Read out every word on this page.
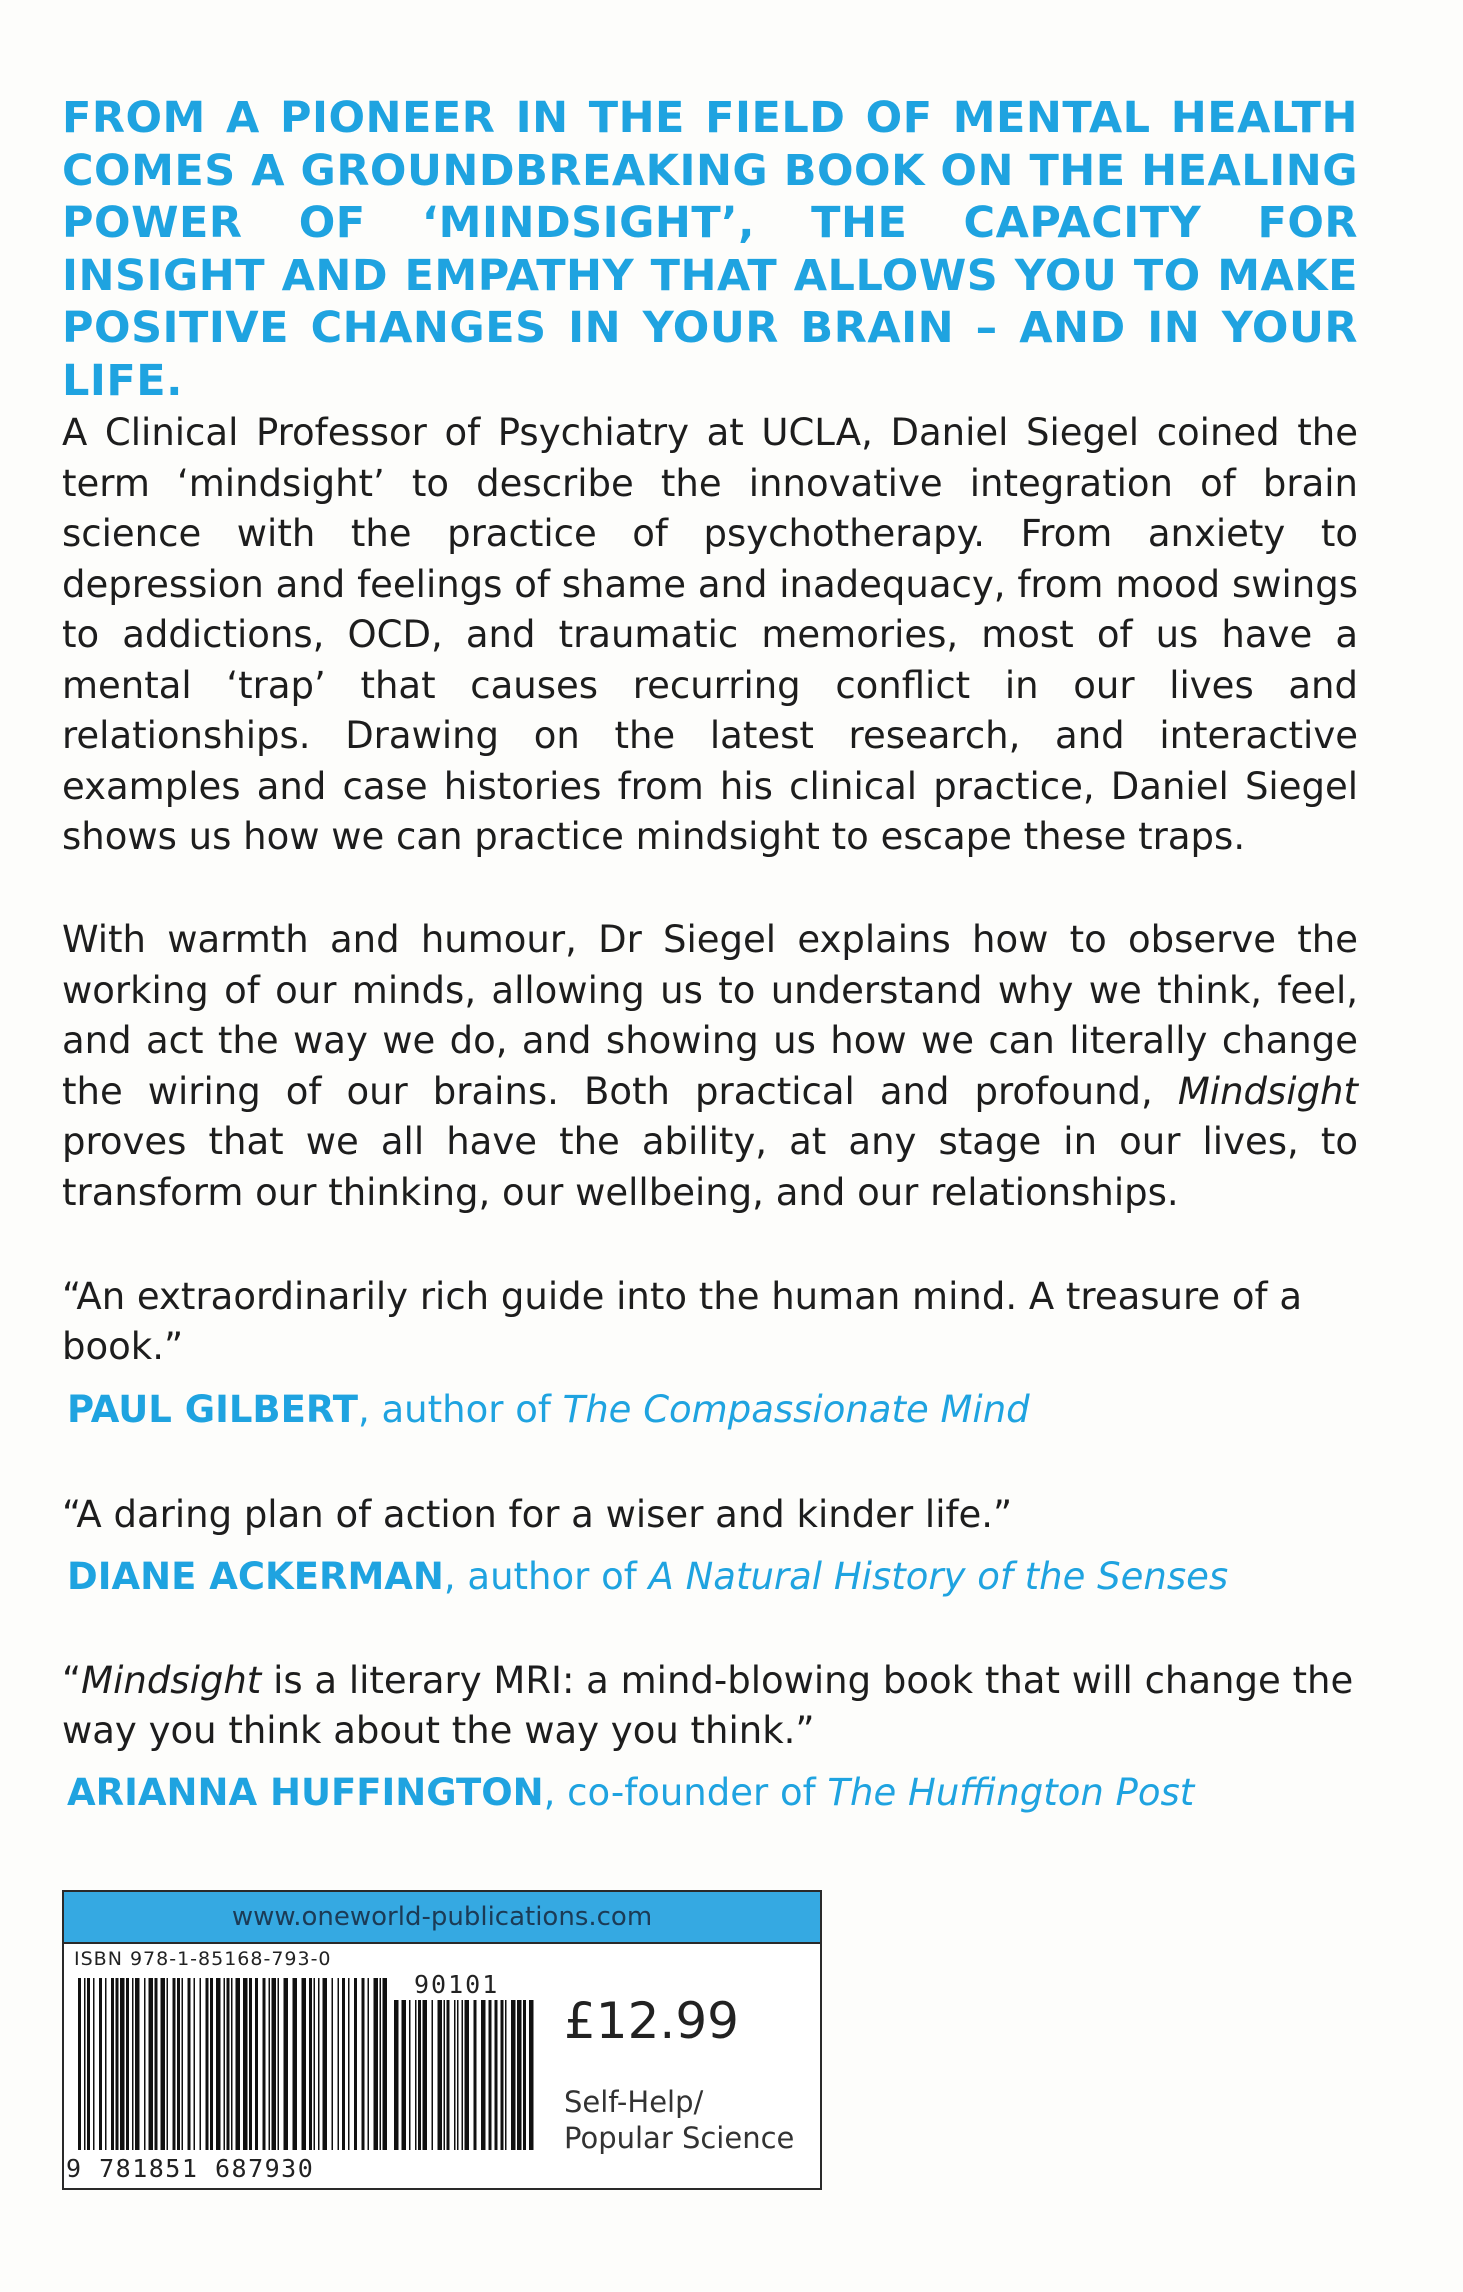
FROM A PIONEER IN THE FIELD OF MENTAL HEALTH COMES A GROUNDBREAKING BOOK ON THE HEALING POWER OF ‘MINDSIGHT’, THE CAPACITY FOR INSIGHT AND EMPATHY THAT ALLOWS YOU TO MAKE POSITIVE CHANGES IN YOUR BRAIN – AND IN YOUR LIFE.

A Clinical Professor of Psychiatry at UCLA, Daniel Siegel coined the term ‘mindsight’ to describe the innovative integration of brain science with the practice of psychotherapy. From anxiety to depression and feelings of shame and inadequacy, from mood swings to addictions, OCD, and traumatic memories, most of us have a mental ‘trap’ that causes recurring conflict in our lives and relationships. Drawing on the latest research, and interactive examples and case histories from his clinical practice, Daniel Siegel shows us how we can practice mindsight to escape these traps.

With warmth and humour, Dr Siegel explains how to observe the working of our minds, allowing us to understand why we think, feel, and act the way we do, and showing us how we can literally change the wiring of our brains. Both practical and profound, Mindsight proves that we all have the ability, at any stage in our lives, to transform our thinking, our wellbeing, and our relationships.

“An extraordinarily rich guide into the human mind. A treasure of a book.”

PAUL GILBERT, author of The Compassionate Mind

“A daring plan of action for a wiser and kinder life.”

DIANE ACKERMAN, author of A Natural History of the Senses

“Mindsight is a literary MRI: a mind-blowing book that will change the way you think about the way you think.”

ARIANNA HUFFINGTON, co-founder of The Huffington Post

www.oneworld-publications.com
ISBN 978-1-85168-793-0
90101
9 781851 687930
£12.99
Self-Help/ Popular Science
